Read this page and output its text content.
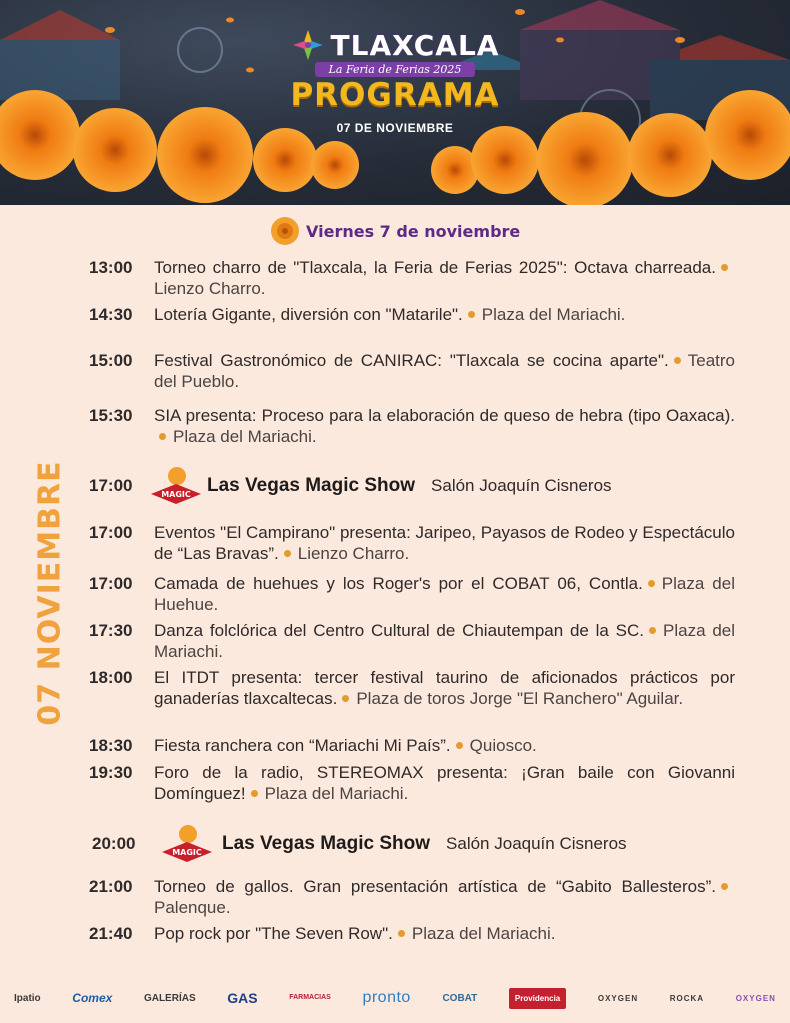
TLAXCALA
La Feria de Ferias 2025
PROGRAMA
07 DE NOVIEMBRE
07 NOVIEMBRE
Viernes 7 de noviembre
13:00	Torneo charro de "Tlaxcala, la Feria de Ferias 2025": Octava charreada.Lienzo Charro.
14:30	Lotería Gigante, diversión con "Matarile". Plaza del Mariachi.
15:00	Festival Gastronómico de CANIRAC: "Tlaxcala se cocina aparte". Teatro del Pueblo.
15:30	SIA presenta: Proceso para la elaboración de queso de hebra (tipo Oaxaca).Plaza del Mariachi.
17:00	MAGIC Las Vegas Magic Show Salón Joaquín Cisneros
17:00	Eventos "El Campirano" presenta: Jaripeo, Payasos de Rodeo y Espectáculo de “Las Bravas”. Lienzo Charro.
17:00	Camada de huehues y los Roger's por el COBAT 06, Contla. Plaza del Huehue.
17:30	Danza folclórica del Centro Cultural de Chiautempan de la SC. Plaza del Mariachi.
18:00	El ITDT presenta: tercer festival taurino de aficionados prácticos por ganaderías tlaxcaltecas. Plaza de toros Jorge "El Ranchero" Aguilar.
18:30	Fiesta ranchera con “Mariachi Mi País”. Quiosco.
19:30	Foro de la radio, STEREOMAX presenta: ¡Gran baile con Giovanni Domínguez! Plaza del Mariachi.
20:00	MAGIC Las Vegas Magic Show Salón Joaquín Cisneros
21:00	Torneo de gallos. Gran presentación artística de “Gabito Ballesteros”.Palenque.
21:40	Pop rock por "The Seven Row". Plaza del Mariachi.
Ipatio	Comex	GALERÍAS GAS	FARMACIAS pronto	COBAT	Providencia	OXYGEN	ROCKA	OXYGEN
